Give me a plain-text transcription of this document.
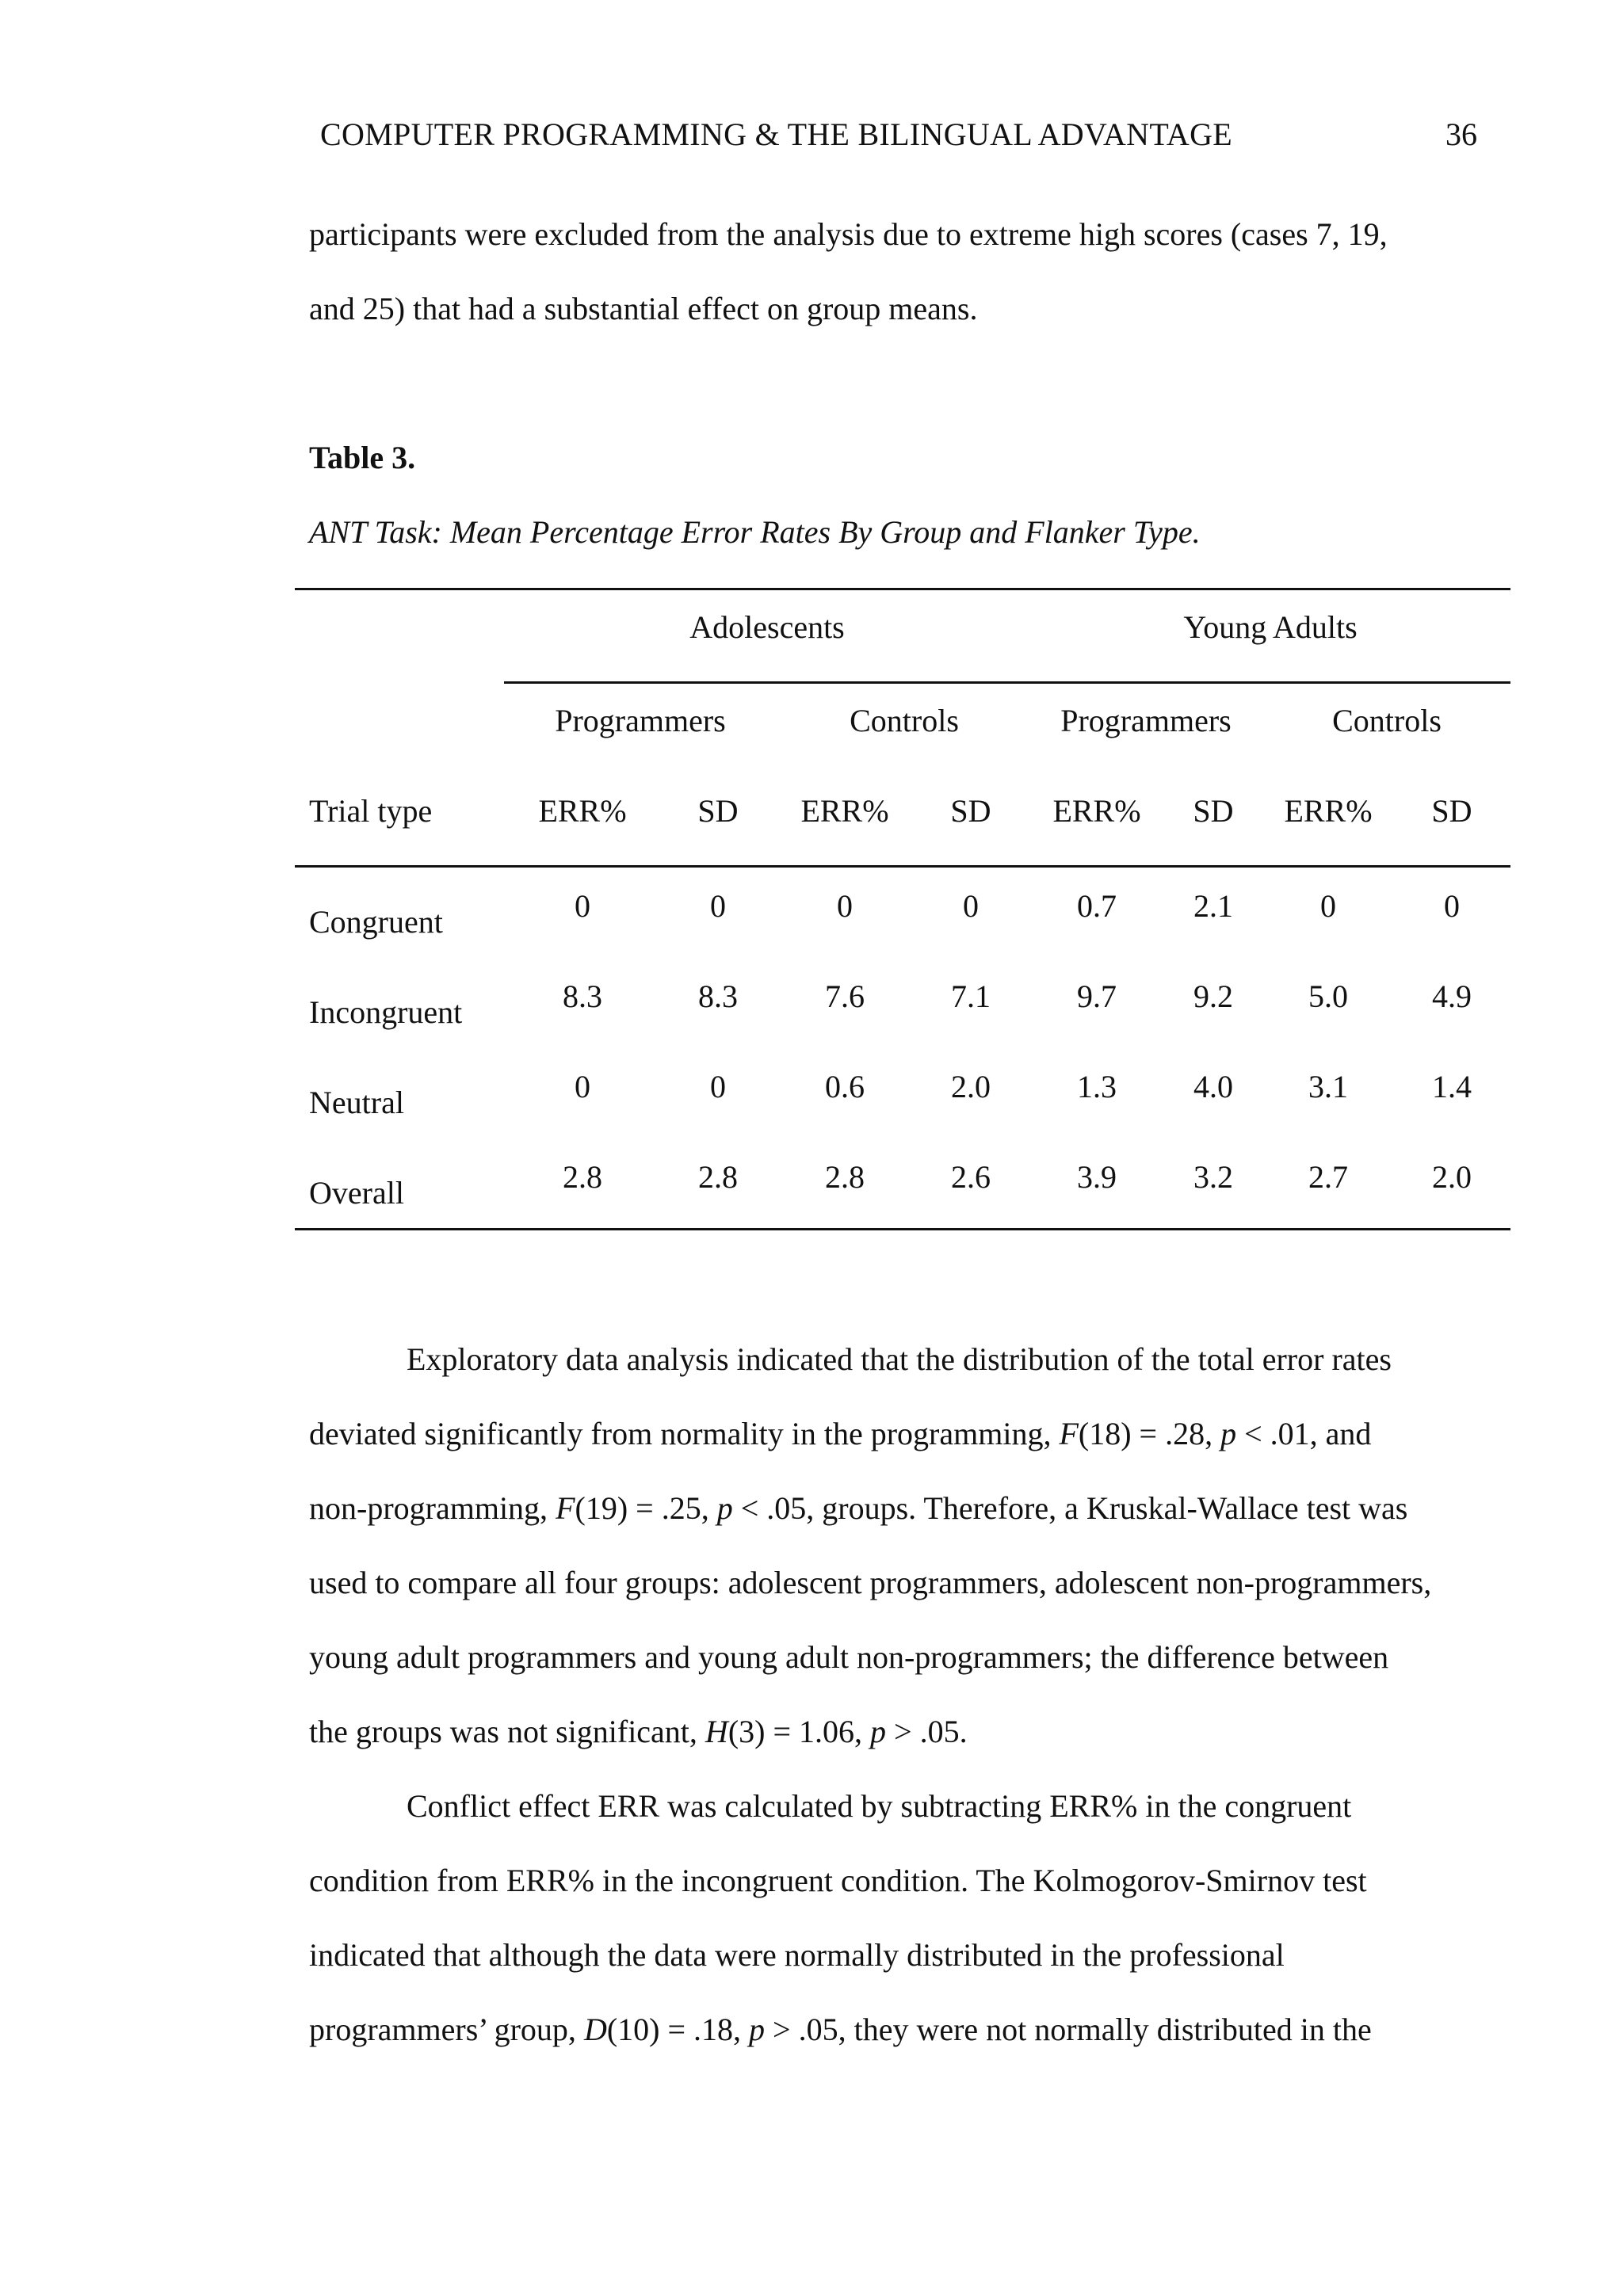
COMPUTER PROGRAMMING & THE BILINGUAL ADVANTAGE	36
participants were excluded from the analysis due to extreme high scores (cases 7, 19,
and 25) that had a substantial effect on group means.
Table 3.
ANT Task: Mean Percentage Error Rates By Group and Flanker Type.
Adolescents	Young Adults
Programmers	Controls	Programmers	Controls
Trial type	ERR% SD ERR% SD ERR% SD ERR% SD
Congruent	0	0	0	0	0.7 2.1	0	0
Incongruent	8.3	8.3	7.6	7.1	9.7 9.2 5.0	4.9
Neutral	0	0	0.6	2.0	1.3 4.0 3.1	1.4
Overall	2.8	2.8	2.8	2.6	3.9 3.2 2.7	2.0
Exploratory data analysis indicated that the distribution of the total error rates
deviated significantly from normality in the programming, F(18) = .28, p < .01, and
non-programming, F(19) = .25, p < .05, groups. Therefore, a Kruskal-Wallace test was
used to compare all four groups: adolescent programmers, adolescent non-programmers,
young adult programmers and young adult non-programmers; the difference between
the groups was not significant, H(3) = 1.06, p > .05.
Conflict effect ERR was calculated by subtracting ERR% in the congruent
condition from ERR% in the incongruent condition. The Kolmogorov-Smirnov test
indicated that although the data were normally distributed in the professional
programmers’ group, D(10) = .18, p > .05, they were not normally distributed in the
